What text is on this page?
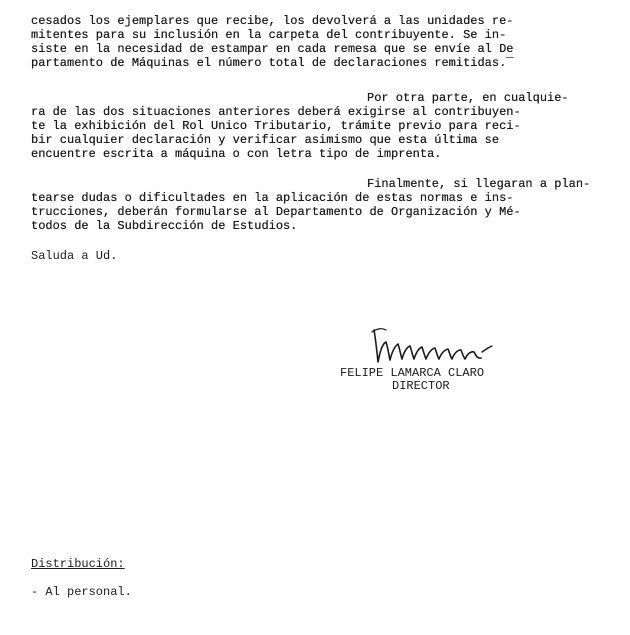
cesados los ejemplares que recibe, los devolverá a las unidades re-
mitentes para su inclusión en la carpeta del contribuyente. Se in-
siste en la necesidad de estampar en cada remesa que se envíe al De
partamento de Máquinas el número total de declaraciones remitidas.‾
Por otra parte, en cualquie-
ra de las dos situaciones anteriores deberá exigirse al contribuyen-
te la exhibición del Rol Unico Tributario, trámite previo para reci-
bir cualquier declaración y verificar asimismo que esta última se
encuentre escrita a máquina o con letra tipo de imprenta.
Finalmente, si llegaran a plan-
tearse dudas o dificultades en la aplicación de estas normas e ins-
trucciones, deberán formularse al Departamento de Organización y Mé-
todos de la Subdirección de Estudios.
Saluda a Ud.
FELIPE LAMARCA CLARO
DIRECTOR
Distribución:
- Al personal.
